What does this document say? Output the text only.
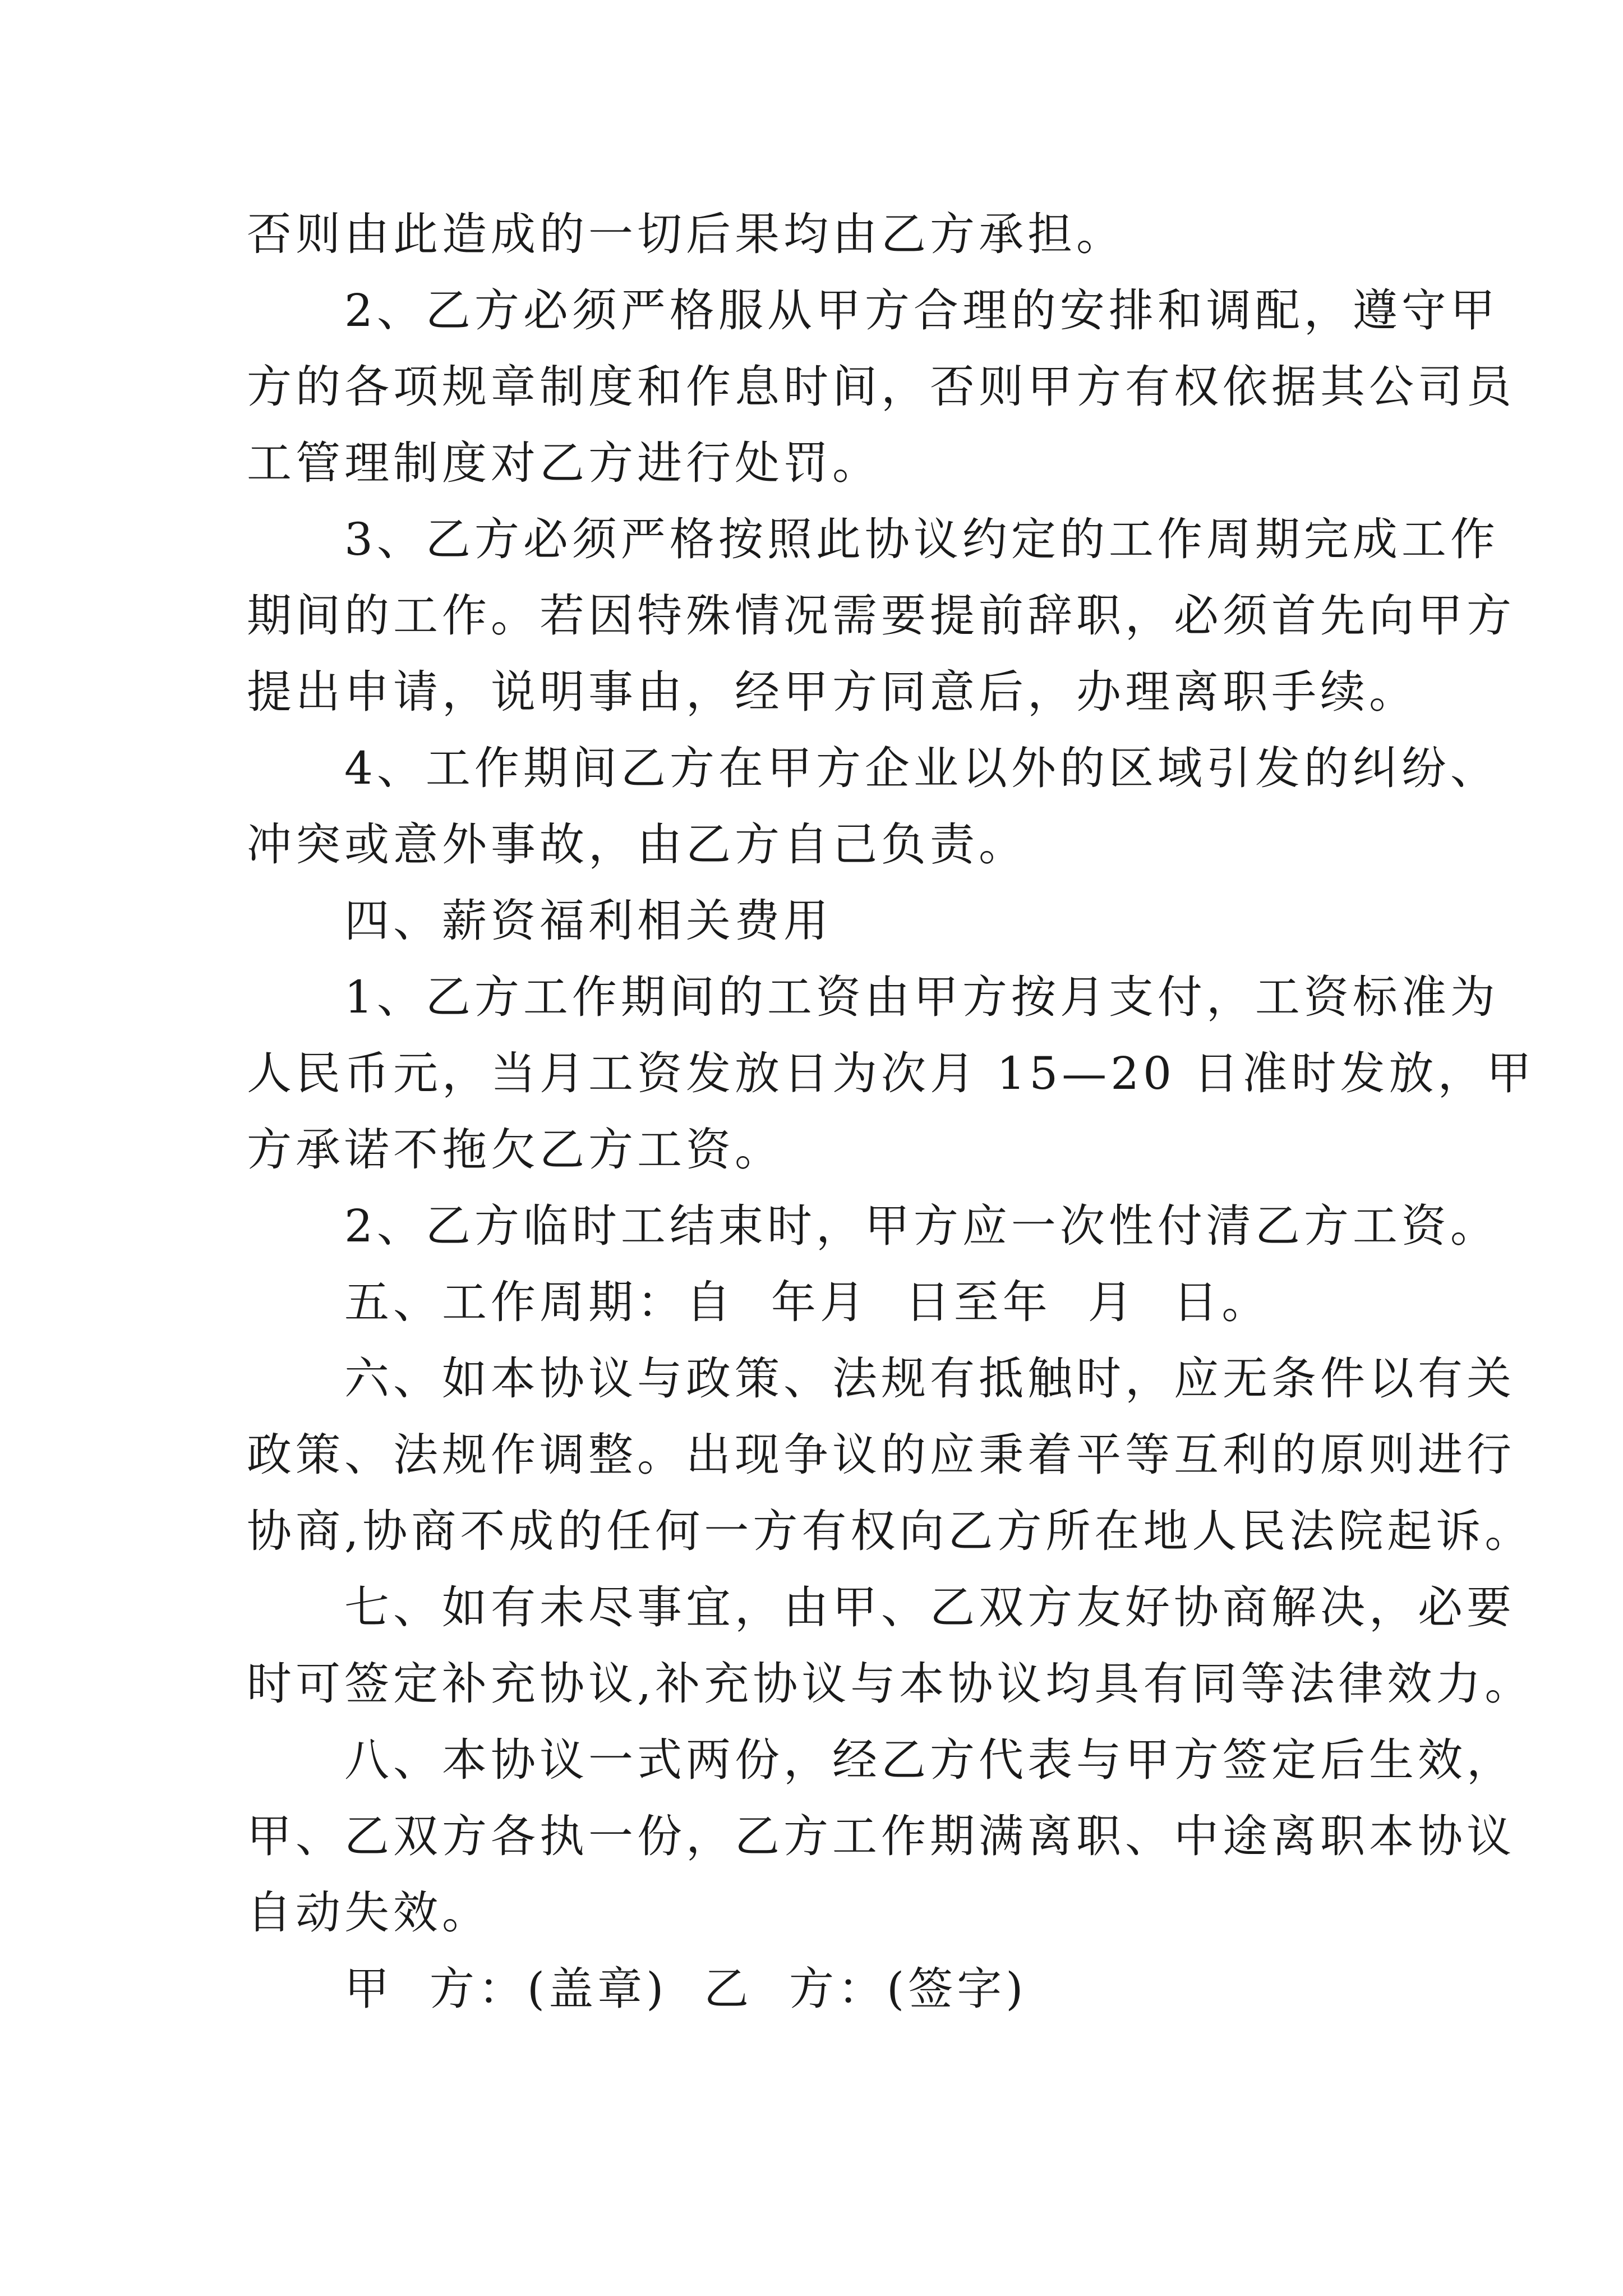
否则由此造成的一切后果均由乙方承担。
　　2、乙方必须严格服从甲方合理的安排和调配，遵守甲
方的各项规章制度和作息时间，否则甲方有权依据其公司员
工管理制度对乙方进行处罚。
　　3、乙方必须严格按照此协议约定的工作周期完成工作
期间的工作。若因特殊情况需要提前辞职，必须首先向甲方
提出申请，说明事由，经甲方同意后，办理离职手续。
　　4、工作期间乙方在甲方企业以外的区域引发的纠纷、
冲突或意外事故，由乙方自己负责。
　　四、薪资福利相关费用
　　1、乙方工作期间的工资由甲方按月支付，工资标准为
人民币元，当月工资发放日为次月 15—20 日准时发放，甲
方承诺不拖欠乙方工资。
　　2、乙方临时工结束时，甲方应一次性付清乙方工资。
　　五、工作周期：自  年月  日至年  月  日。
　　六、如本协议与政策、法规有抵触时，应无条件以有关
政策、法规作调整。出现争议的应秉着平等互利的原则进行
协商,协商不成的任何一方有权向乙方所在地人民法院起诉。
　　七、如有未尽事宜，由甲、乙双方友好协商解决，必要
时可签定补充协议,补充协议与本协议均具有同等法律效力。
　　八、本协议一式两份，经乙方代表与甲方签定后生效，
甲、乙双方各执一份，乙方工作期满离职、中途离职本协议
自动失效。
　　甲  方：(盖章)  乙  方：(签字)
